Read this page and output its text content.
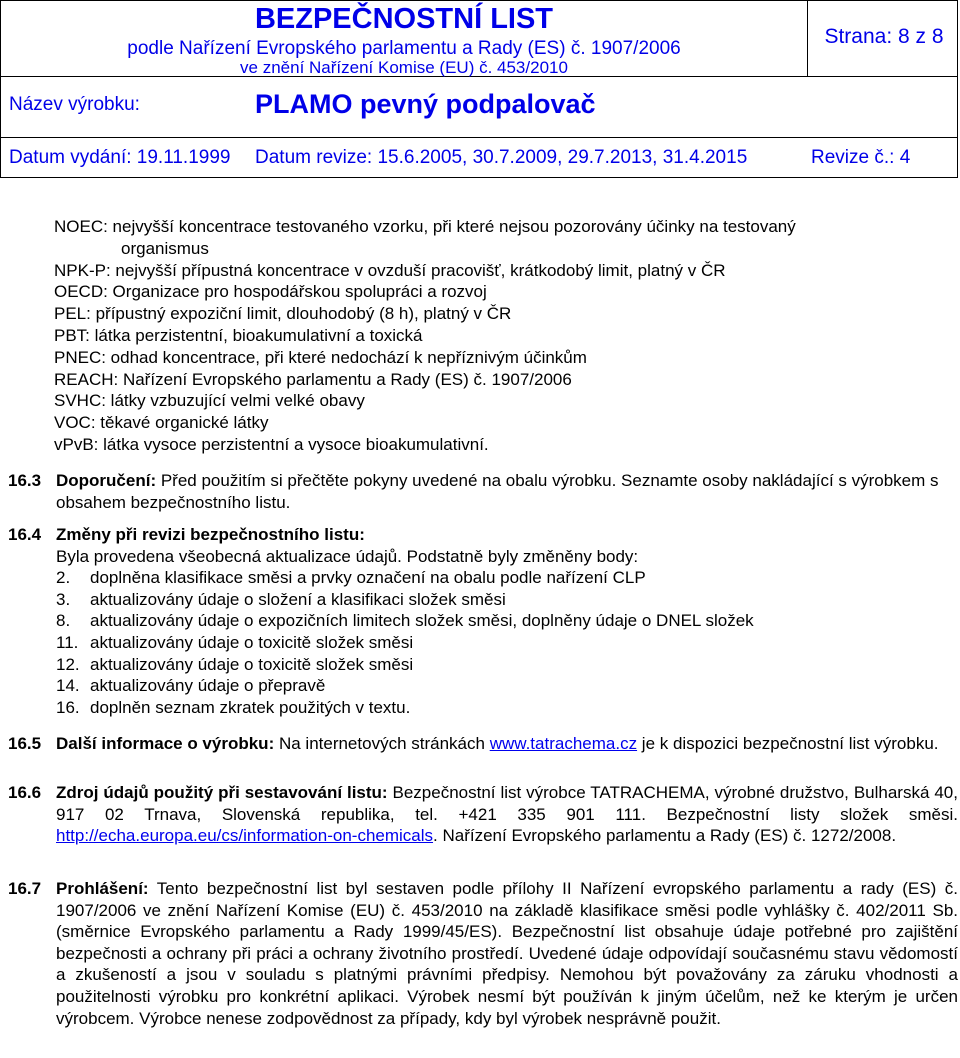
BEZPEČNOSTNÍ LIST
podle Nařízení Evropského parlamentu a Rady (ES) č. 1907/2006
ve znění Nařízení Komise (EU) č. 453/2010
Strana: 8 z 8
Název výrobku:	PLAMO pevný podpalovač
Datum vydání: 19.11.1999 Datum revize: 15.6.2005, 30.7.2009, 29.7.2013, 31.4.2015	Revize č.: 4
NOEC: nejvyšší koncentrace testovaného vzorku, při které nejsou pozorovány účinky na testovaný
organismus
NPK-P: nejvyšší přípustná koncentrace v ovzduší pracovišť, krátkodobý limit, platný v ČR
OECD: Organizace pro hospodářskou spolupráci a rozvoj
PEL: přípustný expoziční limit, dlouhodobý (8 h), platný v ČR
PBT: látka perzistentní, bioakumulativní a toxická
PNEC: odhad koncentrace, při které nedochází k nepříznivým účinkům
REACH: Nařízení Evropského parlamentu a Rady (ES) č. 1907/2006
SVHC: látky vzbuzující velmi velké obavy
VOC: těkavé organické látky
vPvB: látka vysoce perzistentní a vysoce bioakumulativní.
16.3 Doporučení: Před použitím si přečtěte pokyny uvedené na obalu výrobku. Seznamte osoby nakládající s výrobkem s obsahem bezpečnostního listu.
16.4 Změny při revizi bezpečnostního listu:
Byla provedena všeobecná aktualizace údajů. Podstatně byly změněny body:
2. doplněna klasifikace směsi a prvky označení na obalu podle nařízení CLP
3. aktualizovány údaje o složení a klasifikaci složek směsi
8. aktualizovány údaje o expozičních limitech složek směsi, doplněny údaje o DNEL složek
11. aktualizovány údaje o toxicitě složek směsi
12. aktualizovány údaje o toxicitě složek směsi
14. aktualizovány údaje o přepravě
16. doplněn seznam zkratek použitých v textu.
16.5 Další informace o výrobku: Na internetových stránkách www.tatrachema.cz je k dispozici bezpečnostní list výrobku.
16.6 Zdroj údajů použitý při sestavování listu: Bezpečnostní list výrobce TATRACHEMA, výrobné družstvo, Bulharská 40, 917 02 Trnava, Slovenská republika, tel. +421 335 901 111. Bezpečnostní listy složek směsi. http://echa.europa.eu/cs/information-on-chemicals. Nařízení Evropského parlamentu a Rady (ES) č. 1272/2008.
16.7 Prohlášení: Tento bezpečnostní list byl sestaven podle přílohy II Nařízení evropského parlamentu a rady (ES) č. 1907/2006 ve znění Nařízení Komise (EU) č. 453/2010 na základě klasifikace směsi podle vyhlášky č. 402/2011 Sb. (směrnice Evropského parlamentu a Rady 1999/45/ES). Bezpečnostní list obsahuje údaje potřebné pro zajištění bezpečnosti a ochrany při práci a ochrany životního prostředí. Uvedené údaje odpovídají současnému stavu vědomostí a zkušeností a jsou v souladu s platnými právními předpisy. Nemohou být považovány za záruku vhodnosti a použitelnosti výrobku pro konkrétní aplikaci. Výrobek nesmí být používán k jiným účelům, než ke kterým je určen výrobcem. Výrobce nenese zodpovědnost za případy, kdy byl výrobek nesprávně použit.
